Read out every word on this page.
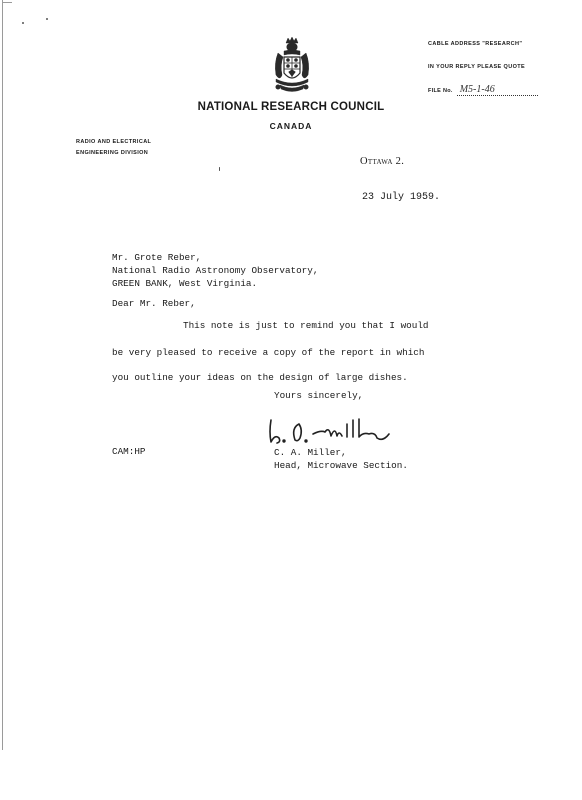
NATIONAL RESEARCH COUNCIL
CANADA
CABLE ADDRESS "RESEARCH"
IN YOUR REPLY PLEASE QUOTE
FILE No. M5-1-46
RADIO AND ELECTRICAL
ENGINEERING DIVISION
Ottawa 2.
23 July 1959.
Mr. Grote Reber,
National Radio Astronomy Observatory,
GREEN BANK, West Virginia.
Dear Mr. Reber,
This note is just to remind you that I would
be very pleased to receive a copy of the report in which
you outline your ideas on the design of large dishes.
Yours sincerely,
CAM:HP	C. A. Miller,
Head, Microwave Section.
